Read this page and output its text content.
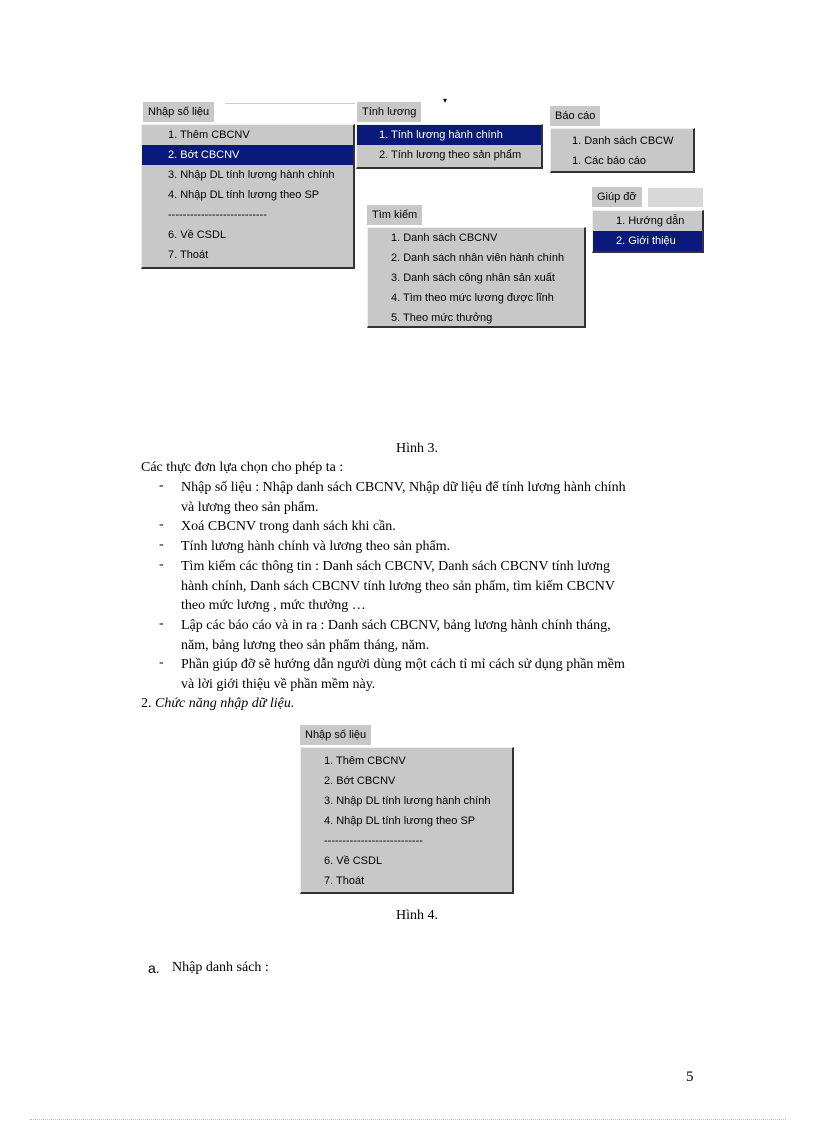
Nhập số liệu
1. Thêm CBCNV
2. Bớt CBCNV
3. Nhập DL tính lương hành chính
4. Nhập DL tính lương theo SP
---------------------------
6. Về CSDL
7. Thoát
Tính lương
▾
1. Tính lương hành chính
2. Tính lương theo sản phẩm
Báo cáo
1. Danh sách CBCW
1. Các báo cáo
Giúp đỡ
1. Hướng dẫn
2. Giới thiệu
Tìm kiếm
1. Danh sách CBCNV
2. Danh sách nhân viên hành chính
3. Danh sách công nhân sản xuất
4. Tìm theo mức lương được lĩnh
5. Theo mức thưởng
Hình 3.
Các thực đơn lựa chọn cho phép ta :
- Nhập số liệu : Nhập danh sách CBCNV, Nhập dữ liệu để tính lương hành chính
và lương theo sản phẩm.
- Xoá CBCNV trong danh sách khi cần.
- Tính lương hành chính và lương theo sản phẩm.
- Tìm kiếm các thông tin : Danh sách CBCNV, Danh sách CBCNV tính lương
hành chính, Danh sách CBCNV tính lương theo sản phẩm, tìm kiếm CBCNV
theo mức lương , mức thưởng …
- Lập các báo cáo và in ra : Danh sách CBCNV, bảng lương hành chính tháng,
năm, bảng lương theo sản phẩm tháng, năm.
- Phần giúp đỡ sẽ hướng dẫn người dùng một cách tỉ mỉ cách sử dụng phần mềm
và lời giới thiệu về phần mềm này.
2. Chức năng nhập dữ liệu.
Nhập số liệu
1. Thêm CBCNV
2. Bớt CBCNV
3. Nhập DL tính lương hành chính
4. Nhập DL tính lương theo SP
---------------------------
6. Về CSDL
7. Thoát
Hình 4.
a. Nhập danh sách :
5
